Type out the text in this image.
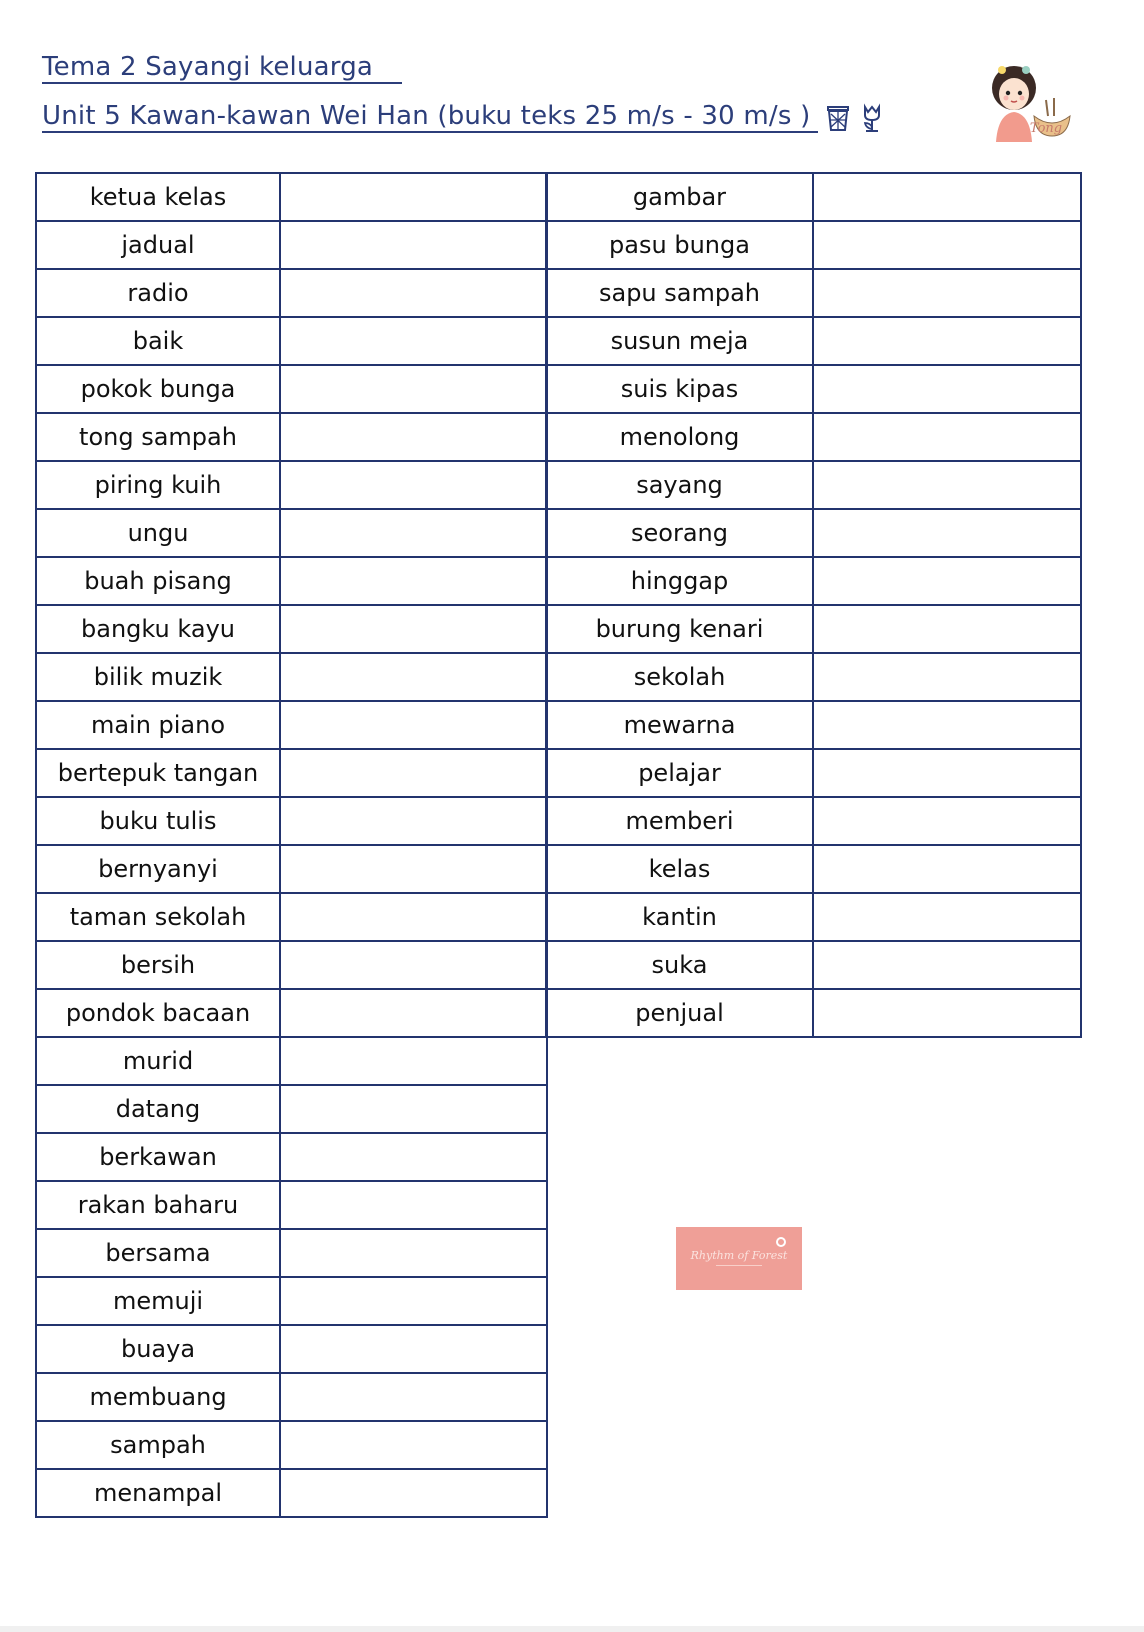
Tema 2 Sayangi keluarga
Unit 5 Kawan-kawan Wei Han (buku teks 25 m/s - 30 m/s )	Tong
ketua kelas	
jadual	
radio	
baik	
pokok bunga	
tong sampah	
piring kuih	
ungu	
buah pisang	
bangku kayu	
bilik muzik	
main piano	
bertepuk tangan	
buku tulis	
bernyanyi	
taman sekolah	
bersih	
pondok bacaan	
murid	
datang	
berkawan	
rakan baharu	
bersama	
memuji	
buaya	
membuang	
sampah	
menampal	
gambar	
pasu bunga	
sapu sampah	
susun meja	
suis kipas	
menolong	
sayang	
seorang	
hinggap	
burung kenari	
sekolah	
mewarna	
pelajar	
memberi	
kelas	
kantin	
suka	
penjual	
Rhythm of Forest
